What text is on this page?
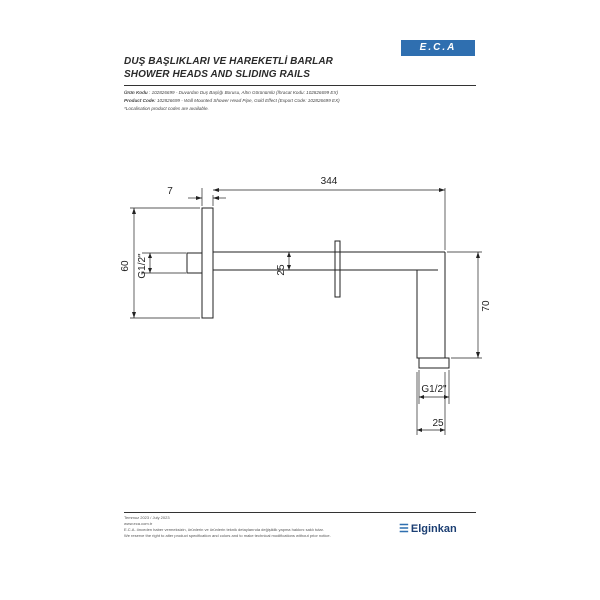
DUŞ BAŞLIKLARI VE HAREKETLİ BARLAR
SHOWER HEADS AND SLIDING RAILS
E.C.A
Ürün Kodu : 102826699 - Duvardan Duş Başlığı Borusu, Altın Görünümlü (İhracat Kodu: 102826699 EX)
Product Code: 102826699 - Wall Mounted Shower Head Pipe, Gold Effect (Export Code: 102826699 EX)
*Localisation product codes are available.
344
7
60 G1/2"	25
70
G1/2"
25
Temmuz 2023 / July 2023
www.eca.com.tr
E.C.A. önceden haber vermeksizin, ürünlerin ve ürünlerin teknik detaylarında değişiklik yapma hakkını saklı tutar.
We reserve the right to alter product specification and colors and to make technical modifications without prior notice.
☰ Elginkan
